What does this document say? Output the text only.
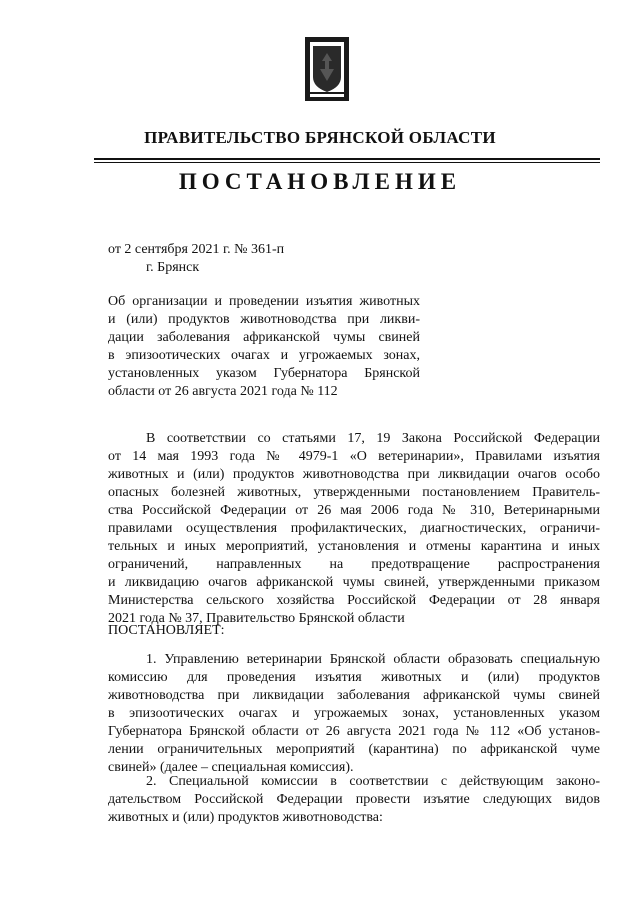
ПРАВИТЕЛЬСТВО БРЯНСКОЙ ОБЛАСТИ
ПОСТАНОВЛЕНИЕ
от 2 сентября 2021 г. № 361-п
г. Брянск
Об организации и проведении изъятия животных
и (или) продуктов животноводства при ликви-
дации заболевания африканской чумы свиней
в эпизоотических очагах и угрожаемых зонах,
установленных указом Губернатора Брянской
области от 26 августа 2021 года № 112
В соответствии со статьями 17, 19 Закона Российской Федерации
от 14 мая 1993 года № 4979-1 «О ветеринарии», Правилами изъятия
животных и (или) продуктов животноводства при ликвидации очагов особо
опасных болезней животных, утвержденными постановлением Правитель-
ства Российской Федерации от 26 мая 2006 года № 310, Ветеринарными
правилами осуществления профилактических, диагностических, ограничи-
тельных и иных мероприятий, установления и отмены карантина и иных
ограничений, направленных на предотвращение распространения
и ликвидацию очагов африканской чумы свиней, утвержденными приказом
Министерства сельского хозяйства Российской Федерации от 28 января
2021 года № 37, Правительство Брянской области
ПОСТАНОВЛЯЕТ:
1. Управлению ветеринарии Брянской области образовать специальную
комиссию для проведения изъятия животных и (или) продуктов
животноводства при ликвидации заболевания африканской чумы свиней
в эпизоотических очагах и угрожаемых зонах, установленных указом
Губернатора Брянской области от 26 августа 2021 года № 112 «Об установ-
лении ограничительных мероприятий (карантина) по африканской чуме
свиней» (далее – специальная комиссия).
2. Специальной комиссии в соответствии с действующим законо-
дательством Российской Федерации провести изъятие следующих видов
животных и (или) продуктов животноводства:
